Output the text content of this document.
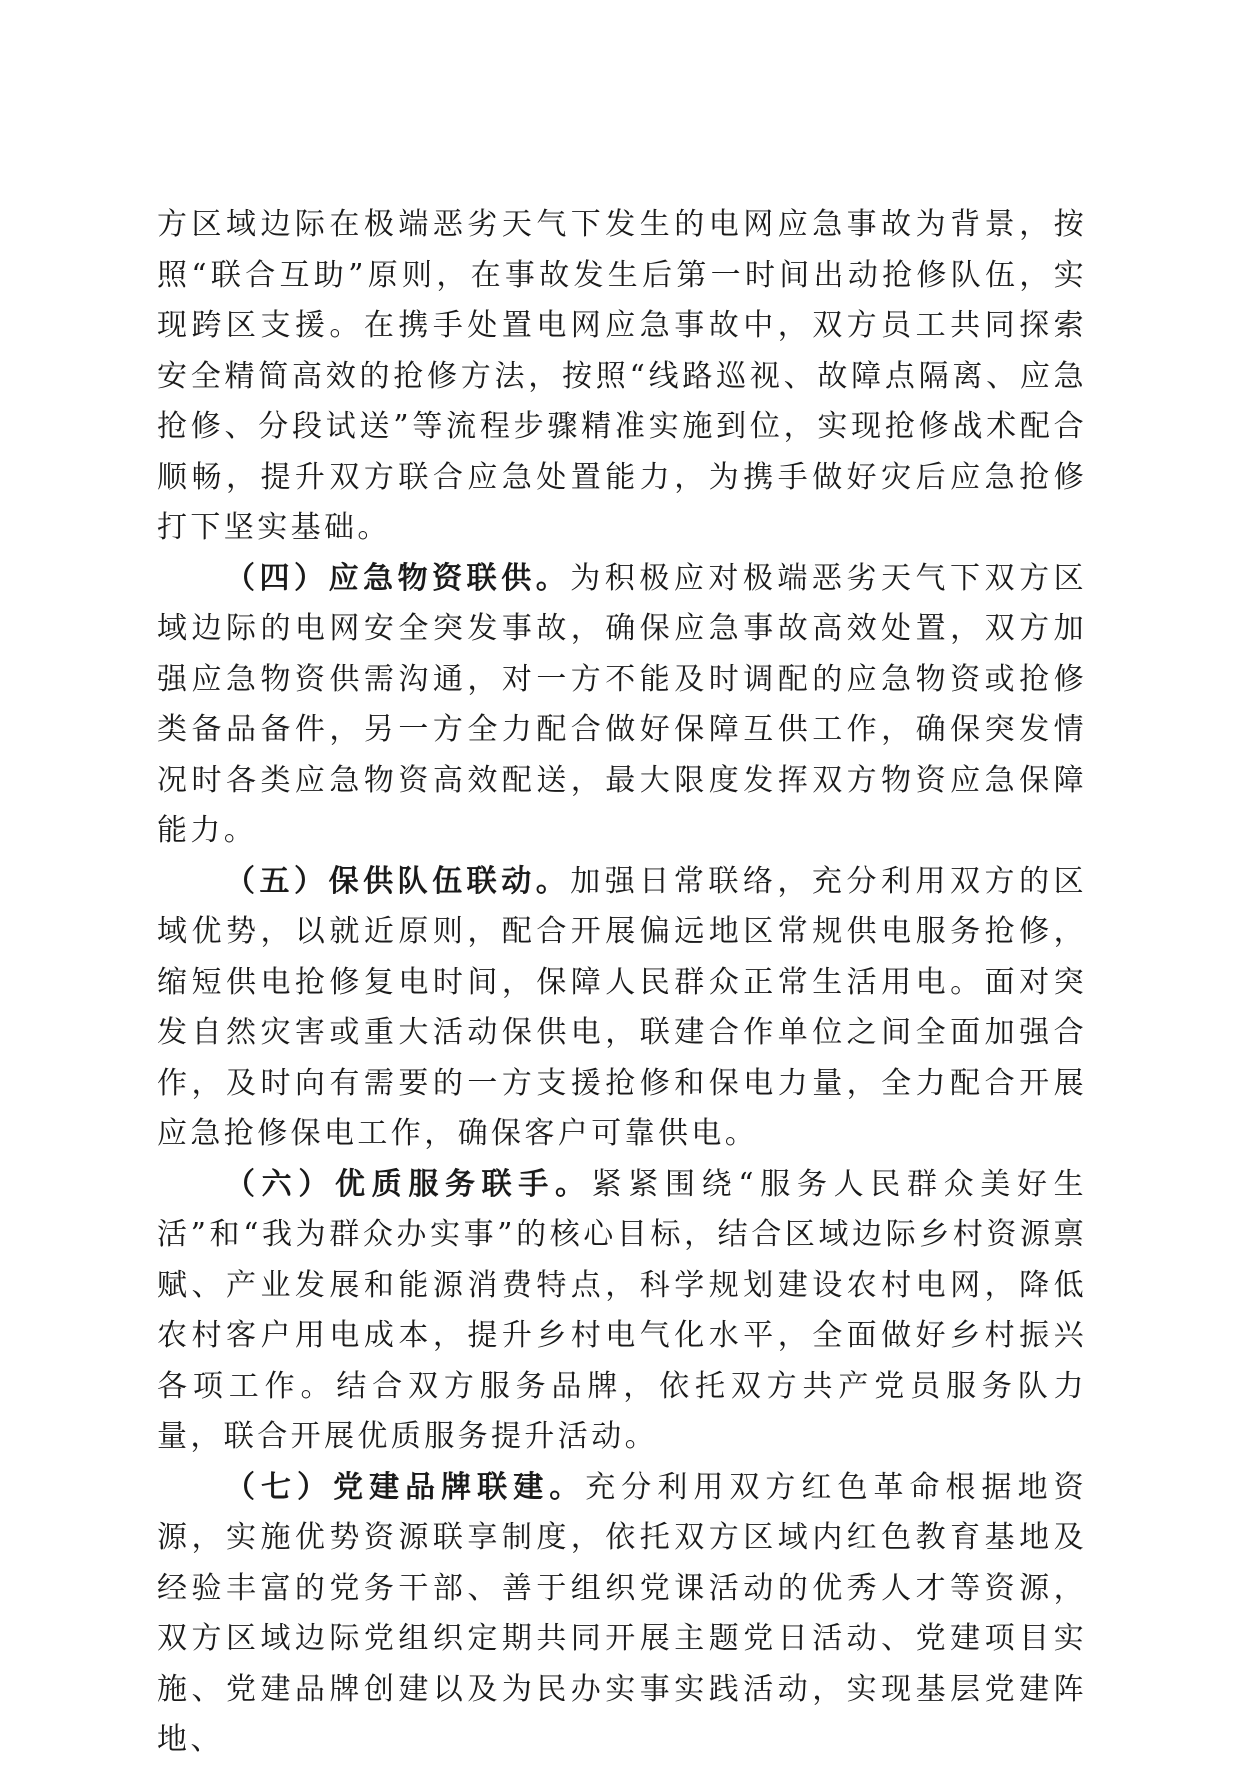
方区域边际在极端恶劣天气下发生的电网应急事故为背景，按照“联合互助”原则，在事故发生后第一时间出动抢修队伍，实现跨区支援。在携手处置电网应急事故中，双方员工共同探索安全精简高效的抢修方法，按照“线路巡视、故障点隔离、应急抢修、分段试送”等流程步骤精准实施到位，实现抢修战术配合顺畅，提升双方联合应急处置能力，为携手做好灾后应急抢修打下坚实基础。

（四）应急物资联供。为积极应对极端恶劣天气下双方区域边际的电网安全突发事故，确保应急事故高效处置，双方加强应急物资供需沟通，对一方不能及时调配的应急物资或抢修类备品备件，另一方全力配合做好保障互供工作，确保突发情况时各类应急物资高效配送，最大限度发挥双方物资应急保障能力。

（五）保供队伍联动。加强日常联络，充分利用双方的区域优势，以就近原则，配合开展偏远地区常规供电服务抢修，缩短供电抢修复电时间，保障人民群众正常生活用电。面对突发自然灾害或重大活动保供电，联建合作单位之间全面加强合作，及时向有需要的一方支援抢修和保电力量，全力配合开展应急抢修保电工作，确保客户可靠供电。

（六）优质服务联手。紧紧围绕“服务人民群众美好生活”和“我为群众办实事”的核心目标，结合区域边际乡村资源禀赋、产业发展和能源消费特点，科学规划建设农村电网，降低农村客户用电成本，提升乡村电气化水平，全面做好乡村振兴各项工作。结合双方服务品牌，依托双方共产党员服务队力量，联合开展优质服务提升活动。

（七）党建品牌联建。充分利用双方红色革命根据地资源，实施优势资源联享制度，依托双方区域内红色教育基地及经验丰富的党务干部、善于组织党课活动的优秀人才等资源，双方区域边际党组织定期共同开展主题党日活动、党建项目实施、党建品牌创建以及为民办实事实践活动，实现基层党建阵地、
